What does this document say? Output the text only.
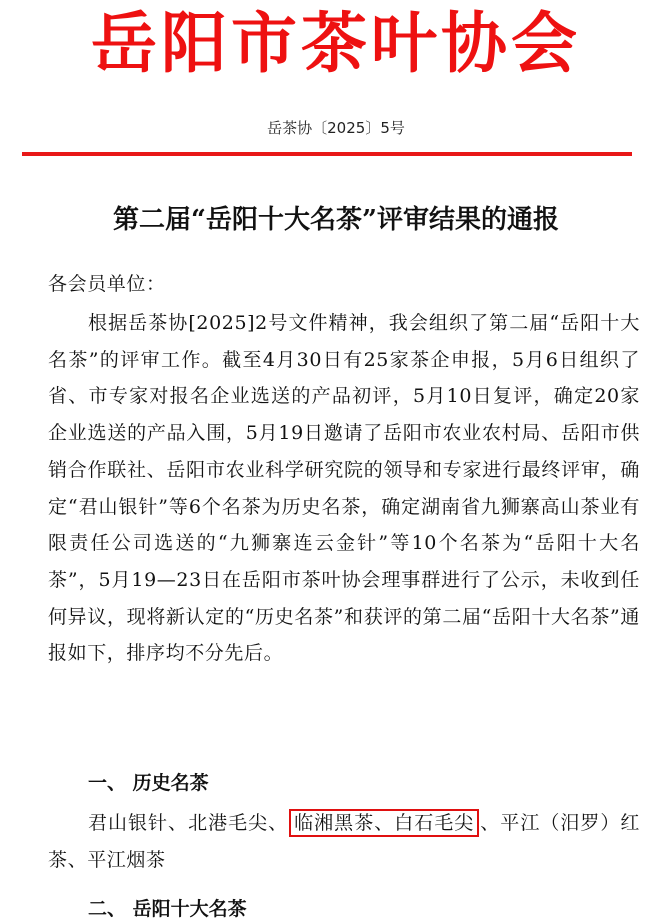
岳阳市茶叶协会
岳茶协〔2025〕5号
第二届“岳阳十大名茶”评审结果的通报
各会员单位：
根据岳茶协[2025]2号文件精神，我会组织了第二届“岳阳十大名茶”的评审工作。截至4月30日有25家茶企申报，5月6日组织了省、市专家对报名企业选送的产品初评，5月10日复评，确定20家企业选送的产品入围，5月19日邀请了岳阳市农业农村局、岳阳市供销合作联社、岳阳市农业科学研究院的领导和专家进行最终评审，确定“君山银针”等6个名茶为历史名茶，确定湖南省九狮寨高山茶业有限责任公司选送的“九狮寨连云金针”等10个名茶为“岳阳十大名茶”，5月19—23日在岳阳市茶叶协会理事群进行了公示，未收到任何异议，现将新认定的“历史名茶”和获评的第二届“岳阳十大名茶”通报如下，排序均不分先后。
一、 历史名茶
君山银针、北港毛尖、 临湘黑茶、白石毛尖 、平江（汨罗）红茶、平江烟茶
二、 岳阳十大名茶
